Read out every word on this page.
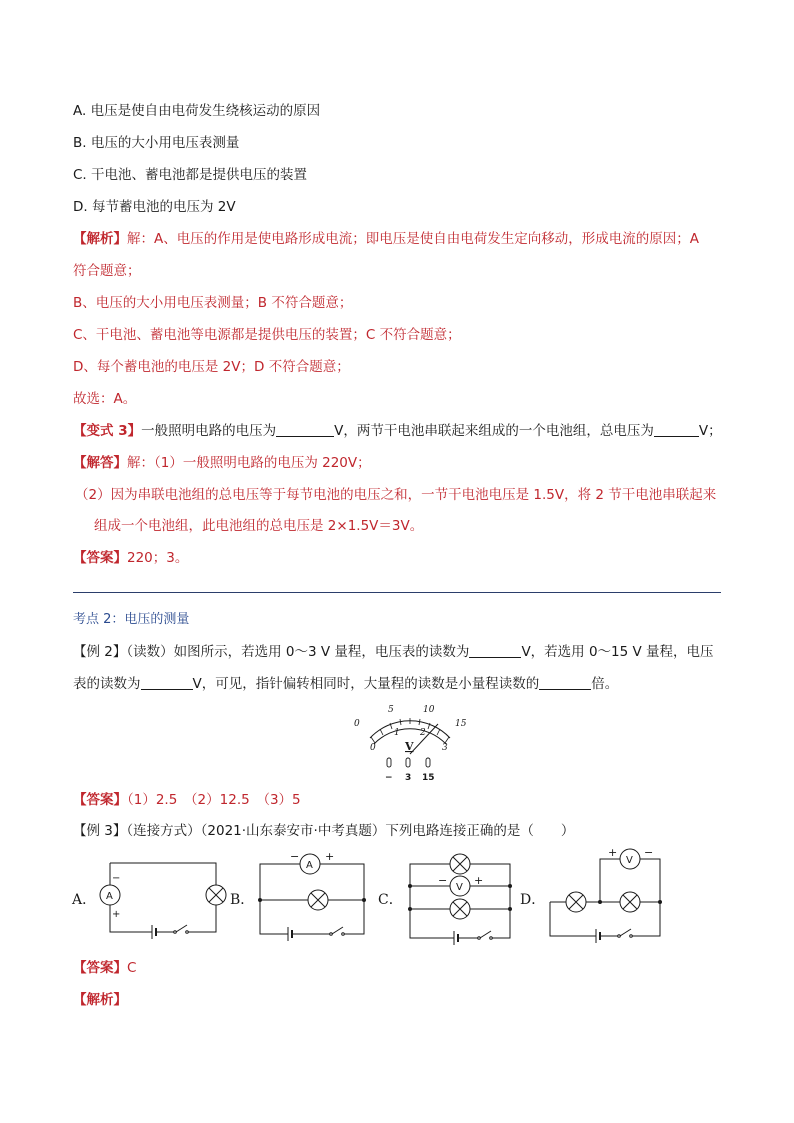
A. 电压是使自由电荷发生绕核运动的原因
B. 电压的大小用电压表测量
C. 干电池、蓄电池都是提供电压的装置
D. 每节蓄电池的电压为 2V
【解析】解：A、电压的作用是使电路形成电流；即电压是使自由电荷发生定向移动，形成电流的原因；A
符合题意；
B、电压的大小用电压表测量；B 不符合题意；
C、干电池、蓄电池等电源都是提供电压的装置；C 不符合题意；
D、每个蓄电池的电压是 2V；D 不符合题意；
故选：A。
【变式 3】一般照明电路的电压为	V，两节干电池串联起来组成的一个电池组，总电压为	V；
【解答】解：（1）一般照明电路的电压为 220V；
（2）因为串联电池组的总电压等于每节电池的电压之和，一节干电池电压是 1.5V，将 2 节干电池串联起来
组成一个电池组，此电池组的总电压是 2×1.5V＝3V。
【答案】220；3。
考点 2：电压的测量
【例 2】（读数）如图所示，若选用 0～3 V 量程，电压表的读数为	V，若选用 0～15 V 量程，电压
表的读数为	V，可见，指针偏转相同时，大量程的读数是小量程读数的	倍。
0
5	10
15
0
1 2
3
V
− 3 15
【答案】（1）2.5　（2）12.5　（3）5
【例 3】（连接方式）（2021·山东泰安市·中考真题）下列电路连接正确的是（　　）
A．	B．	C．	D．
A
−
+
A
− +
V
− +
V
+ −
【答案】C
【解析】
